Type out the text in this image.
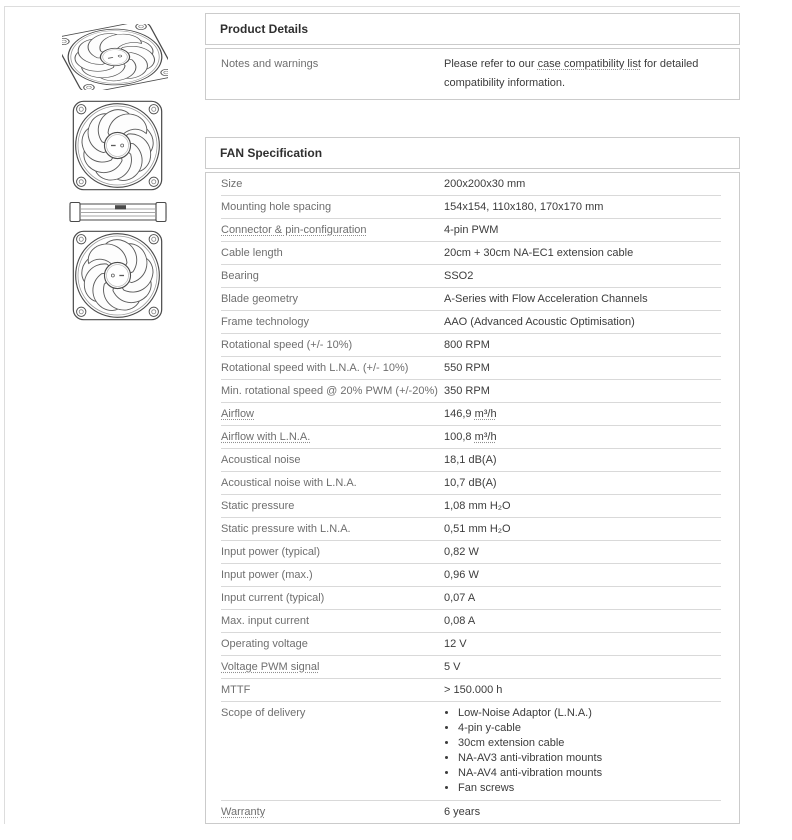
Product Details
Notes and warnings	Please refer to our case compatibility list for detailed compatibility information.
FAN Specification
Size	200x200x30 mm
Mounting hole spacing	154x154, 110x180, 170x170 mm
Connector & pin-configuration	4-pin PWM
Cable length	20cm + 30cm NA-EC1 extension cable
Bearing	SSO2
Blade geometry	A-Series with Flow Acceleration Channels
Frame technology	AAO (Advanced Acoustic Optimisation)
Rotational speed (+/- 10%)	800 RPM
Rotational speed with L.N.A. (+/- 10%)	550 RPM
Min. rotational speed @ 20% PWM (+/-20%) 350 RPM
Airflow	146,9 m³/h
Airflow with L.N.A.	100,8 m³/h
Acoustical noise	18,1 dB(A)
Acoustical noise with L.N.A.	10,7 dB(A)
Static pressure	1,08 mm H₂O
Static pressure with L.N.A.	0,51 mm H₂O
Input power (typical)	0,82 W
Input power (max.)	0,96 W
Input current (typical)	0,07 A
Max. input current	0,08 A
Operating voltage	12 V
Voltage PWM signal	5 V
MTTF	> 150.000 h
Scope of delivery	• Low-Noise Adaptor (L.N.A.)
• 4-pin y-cable
• 30cm extension cable
• NA-AV3 anti-vibration mounts
• NA-AV4 anti-vibration mounts
• Fan screws
Warranty	6 years
